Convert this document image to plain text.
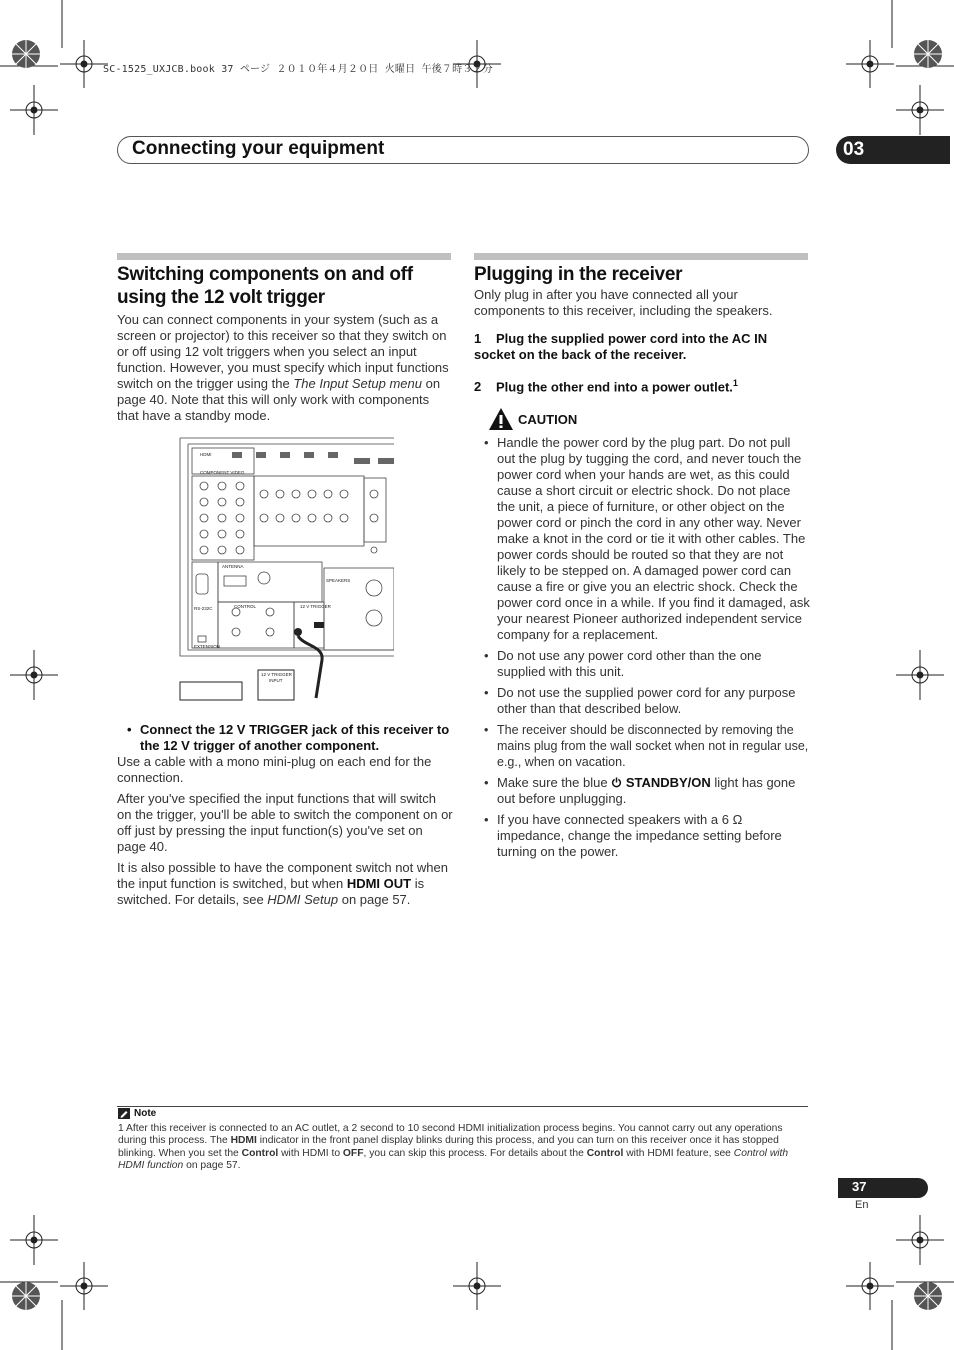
SC-1525_UXJCB.book 37 ページ ２０１０年４月２０日 火曜日 午後７時３２分
Connecting your equipment	03
Switching components on and off using the 12 volt trigger

You can connect components in your system (such as a screen or projector) to this receiver so that they switch on or off using 12 volt triggers when you select an input function. However, you must specify which input functions switch on the trigger using the The Input Setup menu on page 40. Note that this will only work with components that have a standby mode.

HDMI
COMPONENT VIDEO
ANTENNA
RS-232C	CONTROL
EXTENSION
SPEAKERS
12 V TRIGGER
12 V TRIGGER
INPUT

• Connect the 12 V TRIGGER jack of this receiver to the 12 V trigger of another component.

Use a cable with a mono mini-plug on each end for the connection.

After you've specified the input functions that will switch on the trigger, you'll be able to switch the component on or off just by pressing the input function(s) you've set on page 40.

It is also possible to have the component switch not when the input function is switched, but when HDMI OUT is switched. For details, see HDMI Setup on page 57.

Plugging in the receiver

Only plug in after you have connected all your components to this receiver, including the speakers.

1 Plug the supplied power cord into the AC IN socket on the back of the receiver.

2 Plug the other end into a power outlet.$^1$

CAUTION
• Handle the power cord by the plug part. Do not pull out the plug by tugging the cord, and never touch the power cord when your hands are wet, as this could cause a short circuit or electric shock. Do not place the unit, a piece of furniture, or other object on the power cord or pinch the cord in any other way. Never make a knot in the cord or tie it with other cables. The power cords should be routed so that they are not likely to be stepped on. A damaged power cord can cause a fire or give you an electric shock. Check the power cord once in a while. If you find it damaged, ask your nearest Pioneer authorized independent service company for a replacement.
• Do not use any power cord other than the one supplied with this unit.
• Do not use the supplied power cord for any purpose other than that described below.
• The receiver should be disconnected by removing the mains plug from the wall socket when not in regular use, e.g., when on vacation.
• Make sure the blue  STANDBY/ON light has gone out before unplugging.
• If you have connected speakers with a 6 Ω impedance, change the impedance setting before turning on the power.
Note
1 After this receiver is connected to an AC outlet, a 2 second to 10 second HDMI initialization process begins. You cannot carry out any operations during this process. The HDMI indicator in the front panel display blinks during this process, and you can turn on this receiver once it has stopped blinking. When you set the Control with HDMI to OFF, you can skip this process. For details about the Control with HDMI feature, see Control with HDMI function on page 57.
37
En
